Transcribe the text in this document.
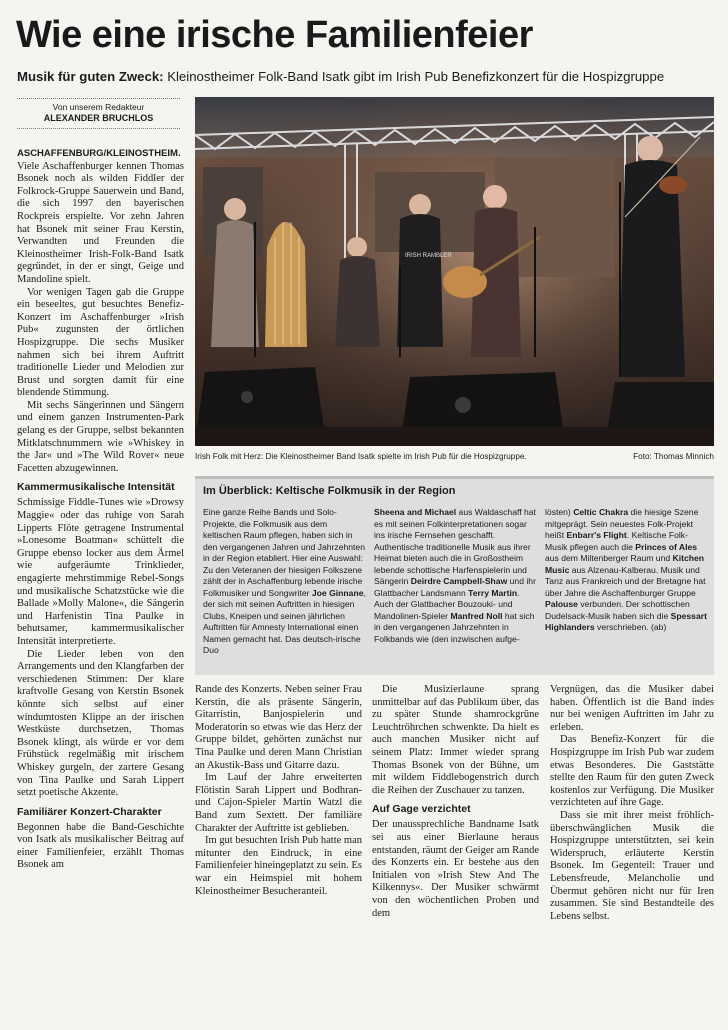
Wie eine irische Familienfeier
Musik für guten Zweck: Kleinostheimer Folk-Band Isatk gibt im Irish Pub Benefizkonzert für die Hospizgruppe
Von unserem Redakteur
ALEXANDER BRUCHLOS

ASCHAFFENBURG/KLEINOSTHEIM. Viele Aschaffenburger kennen Thomas Bsonek noch als wilden Fiddler der Folkrock-Gruppe Sauerwein und Band, die sich 1997 den bayerischen Rockpreis erspielte. Vor zehn Jahren hat Bsonek mit seiner Frau Kerstin, Verwandten und Freunden die Kleinostheimer Irish-Folk-Band Isatk gegründet, in der er singt, Geige und Mandoline spielt.

Vor wenigen Tagen gab die Gruppe ein beseeltes, gut besuchtes Benefiz-Konzert im Aschaffenburger »Irish Pub« zugunsten der örtlichen Hospizgruppe. Die sechs Musiker nahmen sich bei ihrem Auftritt traditionelle Lieder und Melodien zur Brust und sorgten damit für eine blendende Stimmung.

Mit sechs Sängerinnen und Sängern und einem ganzen Instrumenten-Park gelang es der Gruppe, selbst bekannten Mitklatschnummern wie »Whiskey in the Jar« und »The Wild Rover« neue Facetten abzugewinnen.

Kammermusikalische Intensität

Schmissige Fiddle-Tunes wie »Drowsy Maggie« oder das ruhige von Sarah Lipperts Flöte getragene Instrumental »Lonesome Boatman« schüttelt die Gruppe ebenso locker aus dem Ärmel wie aufgeräumte Trinklieder, engagierte mehrstimmige Rebel-Songs und musikalische Schatzstücke wie die Ballade »Molly Malone«, die Sängerin und Harfenistin Tina Paulke in behutsamer, kammermusikalischer Intensität interpretierte.

Die Lieder leben von den Arrangements und den Klangfarben der verschiedenen Stimmen: Der klare kraftvolle Gesang von Kerstin Bsonek könnte sich selbst auf einer windumtosten Klippe an der irischen Westküste durchsetzen, Thomas Bsonek klingt, als würde er vor dem Frühstück regelmäßig mit irischem Whiskey gurgeln, der zartere Gesang von Tina Paulke und Sarah Lippert setzt poetische Akzente.

Familiärer Konzert-Charakter

Begonnen habe die Band-Geschichte von Isatk als musikalischer Beitrag auf einer Familienfeier, erzählt Thomas Bsonek am

IRISH RAMBLER
Irish Folk mit Herz: Die Kleinostheimer Band Isatk spielte im Irish Pub für die Hospizgruppe.	Foto: Thomas Minnich
Im Überblick: Keltische Folkmusik in der Region
Eine ganze Reihe Bands und Solo-Projekte, die Folkmusik aus dem keltischen Raum pflegen, haben sich in den vergangenen Jahren und Jahrzehnten in der Region etabliert. Hier eine Auswahl: Zu den Veteranen der hiesigen Folkszene zählt der in Aschaffenburg lebende irische Folkmusiker und Songwriter Joe Ginnane, der sich mit seinen Auftritten in hiesigen Clubs, Kneipen und seinen jährlichen Auftritten für Amnesty International einen Namen gemacht hat. Das deutsch-irische Duo
Sheena and Michael aus Waldaschaff hat es mit seinen Folkinterpretationen sogar ins irische Fernsehen geschafft. Authentische traditionelle Musik aus ihrer Heimat bieten auch die in Großostheim lebende schottische Harfenspielerin und Sängerin Deirdre Campbell-Shaw und ihr Glattbacher Landsmann Terry Martin. Auch der Glattbacher Bouzouki- und Mandolinen-Spieler Manfred Noll hat sich in den vergangenen Jahrzehnten in Folkbands wie (den inzwischen aufge-
lösten) Celtic Chakra die hiesige Szene mitgeprägt. Sein neuestes Folk-Projekt heißt Enbarr's Flight. Keltische Folk-Musik pflegen auch die Princes of Ales aus dem Miltenberger Raum und Kitchen Music aus Alzenau-Kalberau. Musik und Tanz aus Frankreich und der Bretagne hat über Jahre die Aschaffenburger Gruppe Palouse verbunden. Der schottischen Dudelsack-Musik haben sich die Spessart Highlanders verschrieben. (ab)

Rande des Konzerts. Neben seiner Frau Kerstin, die als präsente Sängerin, Gitarristin, Banjospielerin und Moderatorin so etwas wie das Herz der Gruppe bildet, gehörten zunächst nur Tina Paulke und deren Mann Christian an Akustik-Bass und Gitarre dazu.

Im Lauf der Jahre erweiterten Flötistin Sarah Lippert und Bodhran- und Cajon-Spieler Martin Watzl die Band zum Sextett. Der familiäre Charakter der Auftritte ist geblieben.

Im gut besuchten Irish Pub hatte man mitunter den Eindruck, in eine Familienfeier hineingeplatzt zu sein. Es war ein Heimspiel mit hohem Kleinostheimer Besucheranteil.

Die Musizierlaune sprang unmittelbar auf das Publikum über, das zu später Stunde shamrockgrüne Leuchtröhrchen schwenkte. Da hielt es auch manchen Musiker nicht auf seinem Platz: Immer wieder sprang Thomas Bsonek von der Bühne, um mit wildem Fiddlebogenstrich durch die Reihen der Zuschauer zu tanzen.

Auf Gage verzichtet

Der unaussprechliche Bandname Isatk sei aus einer Bierlaune heraus entstanden, räumt der Geiger am Rande des Konzerts ein. Er bestehe aus den Initialen von »Irish Stew And The Kilkennys«. Der Musiker schwärmt von den wöchentlichen Proben und dem

Vergnügen, das die Musiker dabei haben. Öffentlich ist die Band indes nur bei wenigen Auftritten im Jahr zu erleben.

Das Benefiz-Konzert für die Hospizgruppe im Irish Pub war zudem etwas Besonderes. Die Gaststätte stellte den Raum für den guten Zweck kostenlos zur Verfügung. Die Musiker verzichteten auf ihre Gage.

Dass sie mit ihrer meist fröhlich-überschwänglichen Musik die Hospizgruppe unterstützten, sei kein Widerspruch, erläuterte Kerstin Bsonek. Im Gegenteil: Trauer und Lebensfreude, Melancholie und Übermut gehören nicht nur für Iren zusammen. Sie sind Bestandteile des Lebens selbst.
